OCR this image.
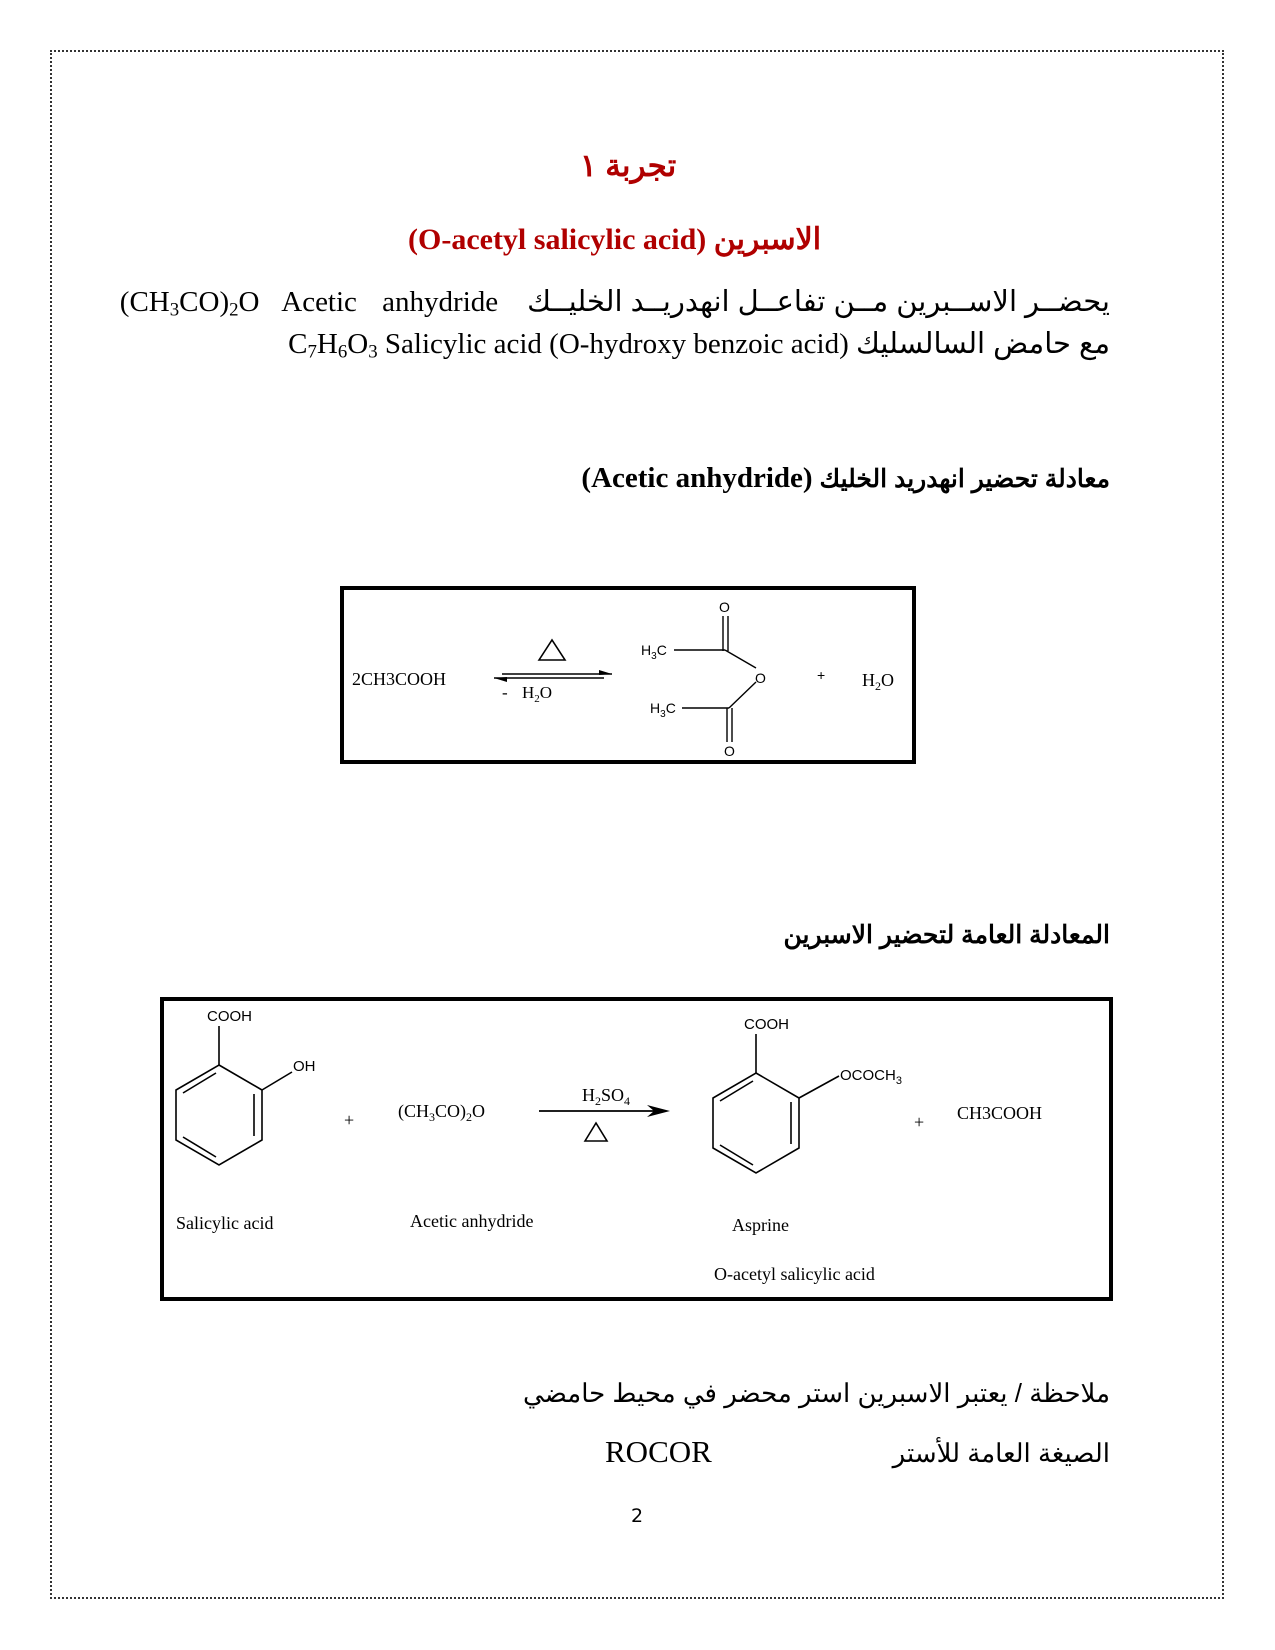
تجربة ١
(O-acetyl salicylic acid) الاسبرين
يحضــر الاســبرين مــن تفاعــل انهدريــد الخليــك    $(CH_3CO)_2O$ Acetic anhydride
مع حامض السالسليك $C_7H_6O_3$ Salicylic acid (O-hydroxy benzoic acid)
معادلة تحضير انهدريد الخليك (Acetic anhydride)
2CH3COOH
- $H_2O$
O
$H_3C$
O
$H_3C$
O
+ $H_2O$
المعادلة العامة لتحضير الاسبرين
COOH
OH
Salicylic acid
+ $(CH_3CO)_2O$
Acetic anhydride
$H_2SO_4$
COOH
$OCOCH_3$
Asprine
O-acetyl salicylic acid
+ CH3COOH
ملاحظة / يعتبر الاسبرين استر محضر في محيط حامضي
الصيغة العامة للأستر
ROCOR
2
